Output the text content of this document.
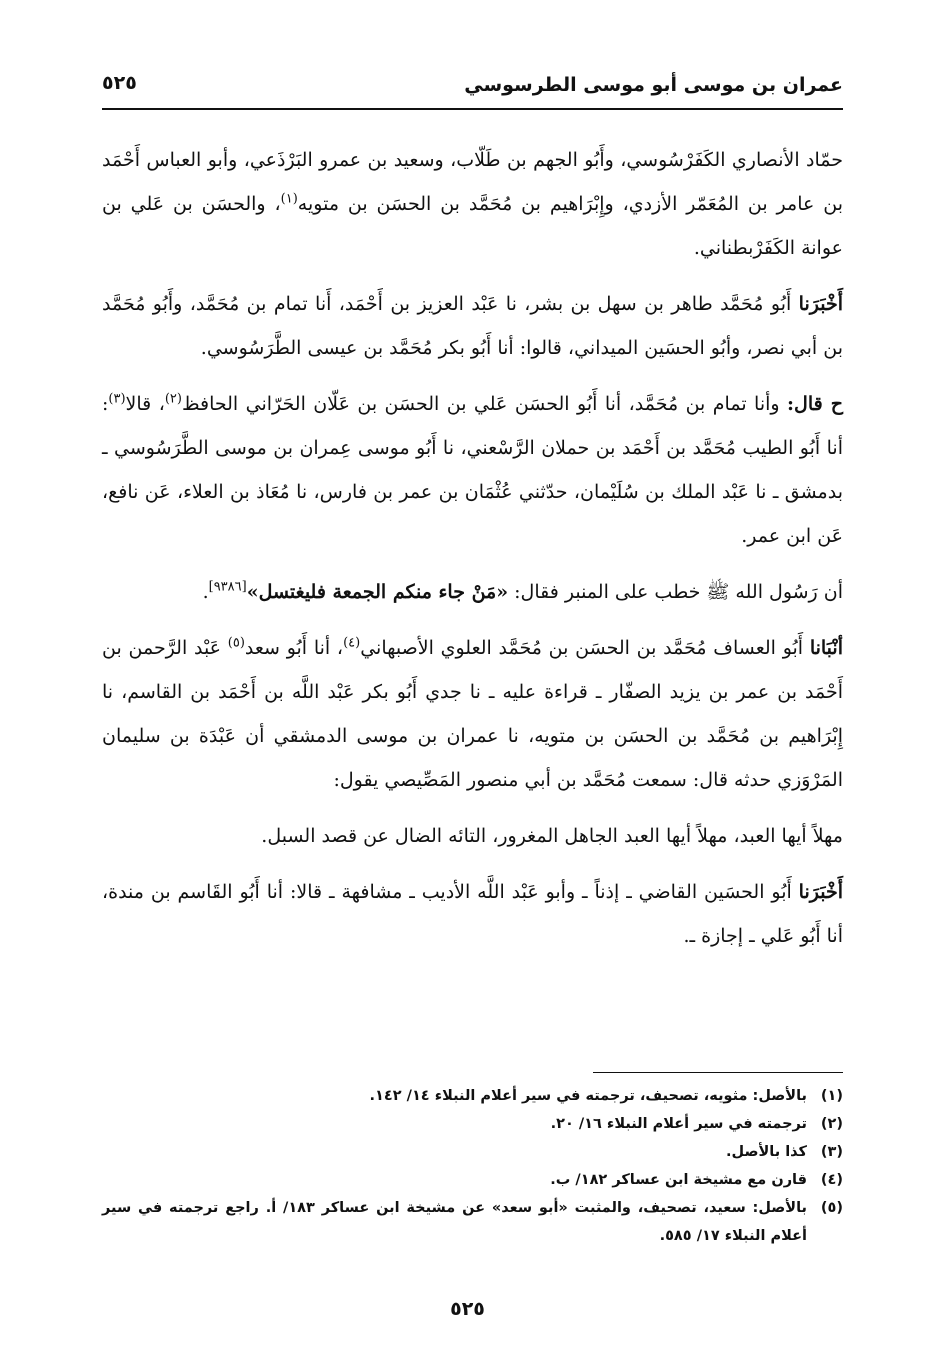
عمران بن موسى أبو موسى الطرسوسي
٥٢٥

حمّاد الأنصاري الكَفَرْسُوسي، وأَبُو الجهم بن طَلّاب، وسعيد بن عمرو البَرْذَعي، وأبو العباس أَحْمَد بن عامر بن المُعَمّر الأزدي، وإِبْرَاهيم بن مُحَمَّد بن الحسَن بن متويه$^{(١)}$، والحسَن بن عَلي بن عوانة الكَفَرْبطناني.

أَخْبَرَنا أَبُو مُحَمَّد طاهر بن سهل بن بشر، نا عَبْد العزيز بن أَحْمَد، أَنا تمام بن مُحَمَّد، وأَبُو مُحَمَّد بن أبي نصر، وأبُو الحسَين الميداني، قالوا: أنا أَبُو بكر مُحَمَّد بن عيسى الطَّرَسُوسي.

ح قال: وأنا تمام بن مُحَمَّد، أنا أَبُو الحسَن عَلي بن الحسَن بن عَلّان الحَرّاني الحافظ$^{(٢)}$، قالا$^{(٣)}$: أنا أَبُو الطيب مُحَمَّد بن أَحْمَد بن حملان الرَّسْعني، نا أَبُو موسى عِمران بن موسى الطَّرَسُوسي ـ بدمشق ـ نا عَبْد الملك بن سُلَيْمان، حدّثني عُثْمَان بن عمر بن فارس، نا مُعَاذ بن العلاء، عَن نافع، عَن ابن عمر.

أن رَسُول الله ﷺ خطب على المنبر فقال: «مَنْ جاء منكم الجمعة فليغتسل»[٩٣٨٦].

أنْبَانا أَبُو العساف مُحَمَّد بن الحسَن بن مُحَمَّد العلوي الأصبهاني$^{(٤)}$، أنا أَبُو سعد$^{(٥)}$ عَبْد الرَّحمن بن أَحْمَد بن عمر بن يزيد الصفّار ـ قراءة عليه ـ نا جدي أَبُو بكر عَبْد اللَّه بن أَحْمَد بن القاسم، نا إِبْرَاهيم بن مُحَمَّد بن الحسَن بن متويه، نا عمران بن موسى الدمشقي أن عَبْدَة بن سليمان المَرْوَزي حدثه قال: سمعت مُحَمَّد بن أبي منصور المَصِّيصي يقول:

مهلاً أيها العبد، مهلاً أيها العبد الجاهل المغرور، التائه الضال عن قصد السبل.

أَخْبَرَنا أَبُو الحسَين القاضي ـ إذناً ـ وأبو عَبْد اللَّه الأديب ـ مشافهة ـ قالا: أنا أَبُو القَاسم بن مندة، أنا أَبُو عَلي ـ إجازة ـ.

(١)
بالأصل: مثويه، تصحيف، ترجمته في سير أعلام النبلاء ١٤/ ١٤٢.
(٢)
ترجمته في سير أعلام النبلاء ١٦/ ٢٠.
(٣)
كذا بالأصل.
(٤)
قارن مع مشيخة ابن عساكر ١٨٢/ ب.
(٥)
بالأصل: سعيد، تصحيف، والمثبت «أبو سعد» عن مشيخة ابن عساكر ١٨٣/ أ. راجع ترجمته في سير أعلام النبلاء ١٧/ ٥٨٥.
٥٢٥
